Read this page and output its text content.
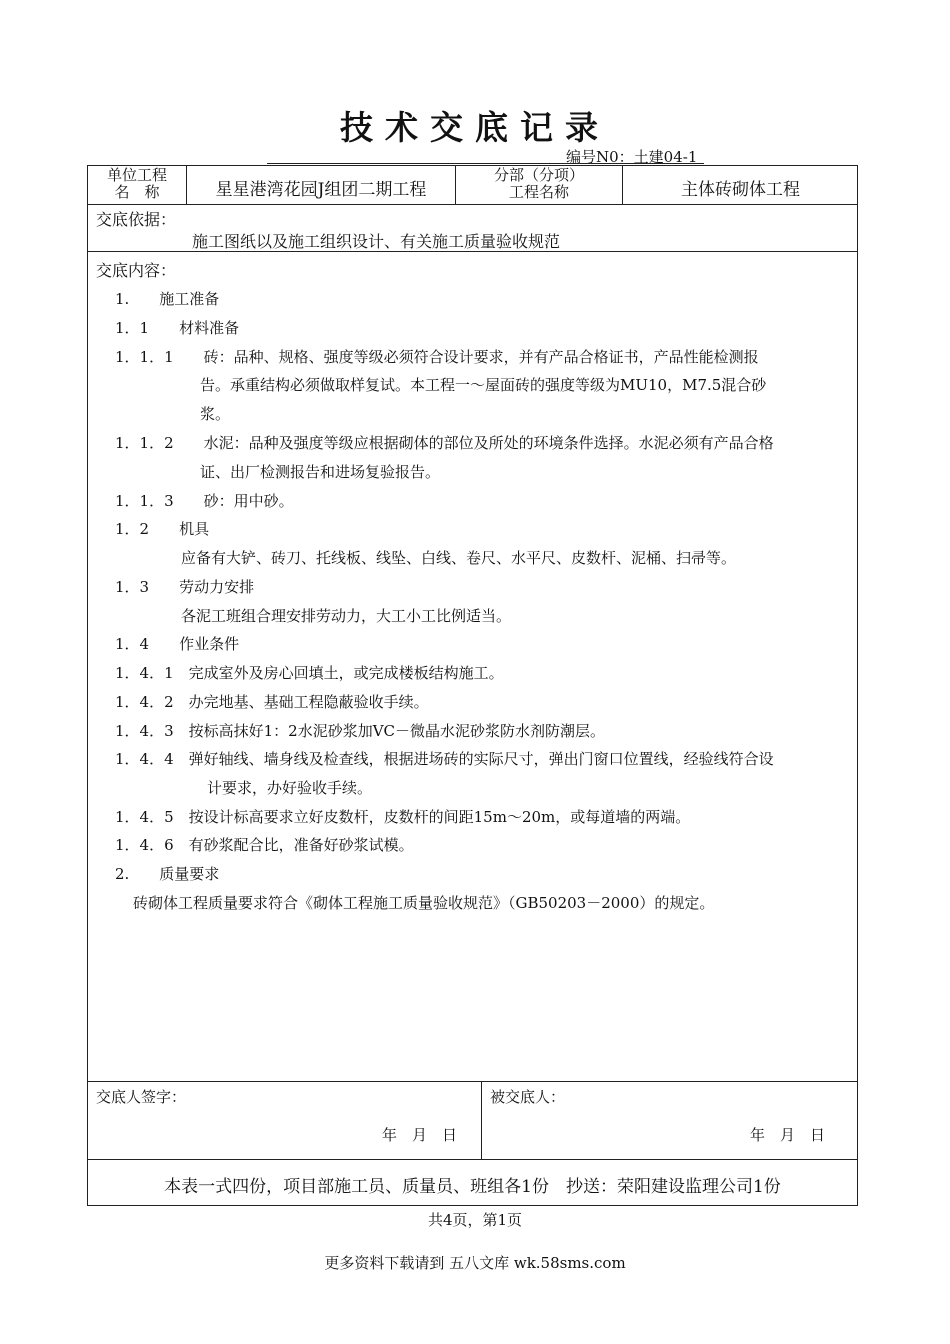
技术交底记录
编号N0：土建04-1
单位工程
名　称	星星港湾花园J组团二期工程
分部（分项）
工程名称	主体砖砌体工程
交底依据：
施工图纸以及施工组织设计、有关施工质量验收规范
交底内容：
1.　　施工准备
1．1　　材料准备
1．1．1　　砖：品种、规格、强度等级必须符合设计要求，并有产品合格证书，产品性能检测报
告。承重结构必须做取样复试。本工程一～屋面砖的强度等级为MU10，M7.5混合砂
浆。
1．1．2　　水泥：品种及强度等级应根据砌体的部位及所处的环境条件选择。水泥必须有产品合格
证、出厂检测报告和进场复验报告。
1．1．3　　砂：用中砂。
1．2　　机具
应备有大铲、砖刀、托线板、线坠、白线、卷尺、水平尺、皮数杆、泥桶、扫帚等。
1．3　　劳动力安排
各泥工班组合理安排劳动力，大工小工比例适当。
1．4　　作业条件
1．4．1　完成室外及房心回填土，或完成楼板结构施工。
1．4．2　办完地基、基础工程隐蔽验收手续。
1．4．3　按标高抹好1：2水泥砂浆加VC－微晶水泥砂浆防水剂防潮层。
1．4．4　弹好轴线、墙身线及检查线，根据进场砖的实际尺寸，弹出门窗口位置线，经验线符合设
计要求，办好验收手续。
1．4．5　按设计标高要求立好皮数杆，皮数杆的间距15m～20m，或每道墙的两端。
1．4．6　有砂浆配合比，准备好砂浆试模。
2.　　质量要求
砖砌体工程质量要求符合《砌体工程施工质量验收规范》（GB50203－2000）的规定。
交底人签字：
年　月　日
被交底人：
年　月　日
本表一式四份，项目部施工员、质量员、班组各1份　抄送：荣阳建设监理公司1份
共4页，第1页
更多资料下载请到 五八文库 wk.58sms.com
